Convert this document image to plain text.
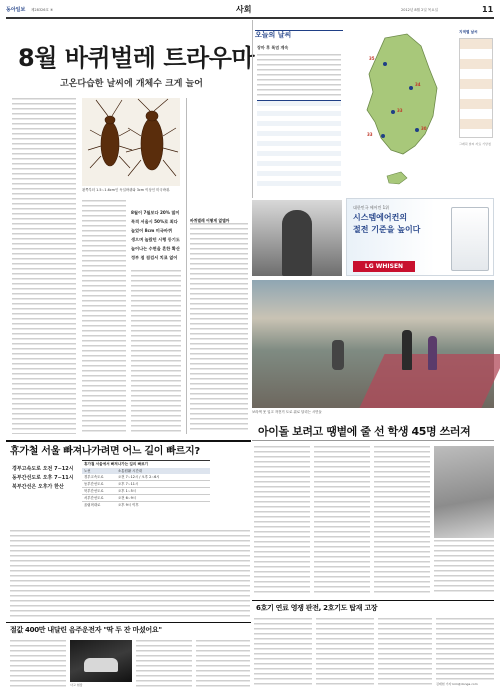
동아일보 제28326호 ⑥	사회	2012년 8월 2일 목요일	11
8월 바퀴벌레 트라우마
고온다습한 날씨에 개체수 크게 늘어
왼쪽부터 1.5∼1.6cm인 독일바퀴와 3cm 이상인 미국바퀴.
8월이 7월보다 20% 많이
목격 서울시 50%로 최다
늘었어 8cm 미국바퀴
생으며 놀랐던 시행 등기도
늘어나는 수면을 흔한 확산
정부 점 점검서 치료 없어
바퀴벌레 어떻게 없앨까
오늘의 날씨
장마 후 폭염 계속
35
34
33
30
33
지역별 날씨
그래픽 날씨 자료 기상청
대한민국 에어컨 1위
시스템에어컨의
절전 기준을 높이다
LG WHISEN
휴가철 서울 빠져나가려면 어느 길이 빠르지?
경부고속도로 오전 7∼12시
동부간선도로 오후 7∼11시
북부간선은 오후가 한산
휴가철 서울에서 빠져나가는 길의 빠르기
노선	소통원활 시간대
경부고속도로	오전 7∼12시 / 오후 2∼6시
동부간선도로	오후 7∼11시
북부간선도로	오후 1∼5시
서부간선도로	오전 6∼9시
올림픽대로	오후 9시 이후
보라색 옷 입고 자전거 도로 위로 달리는 시민들
아이돌 보려고 땡볕에 줄 선 학생 45명 쓰러져
절값 400만 내달린 음주운전자 "딱 두 잔 마셨어요"
사고 현장
6호기 연료 영쟁 판전, 2호기도 탑재 고장
김태현 기자 kim@donga.com
